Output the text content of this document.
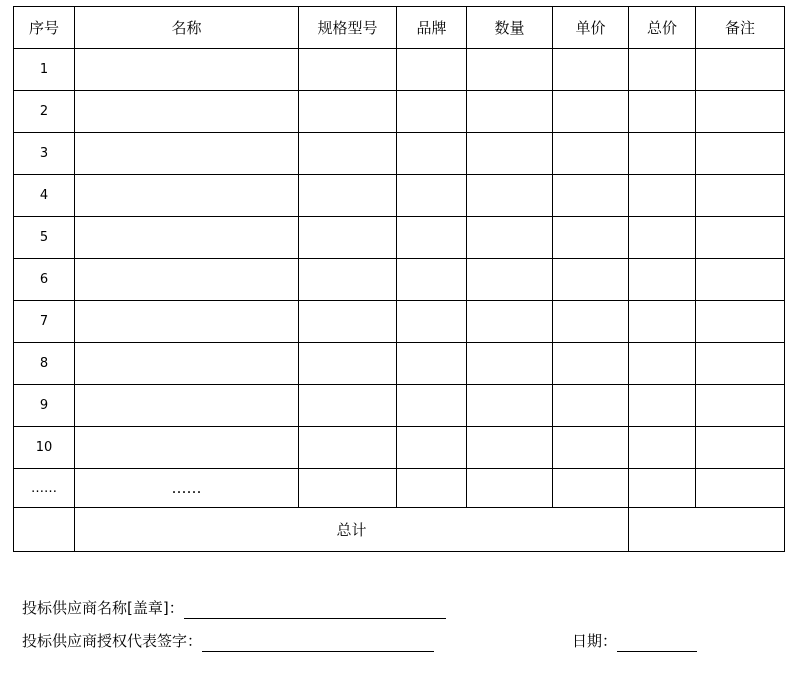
序号	名称	规格型号	品牌	数量	单价	总价	备注
1							
2							
3							
4							
5							
6							
7							
8							
9							
10							
……	……						
	总计						
投标供应商名称[盖章]：
投标供应商授权代表签字：	日期：
